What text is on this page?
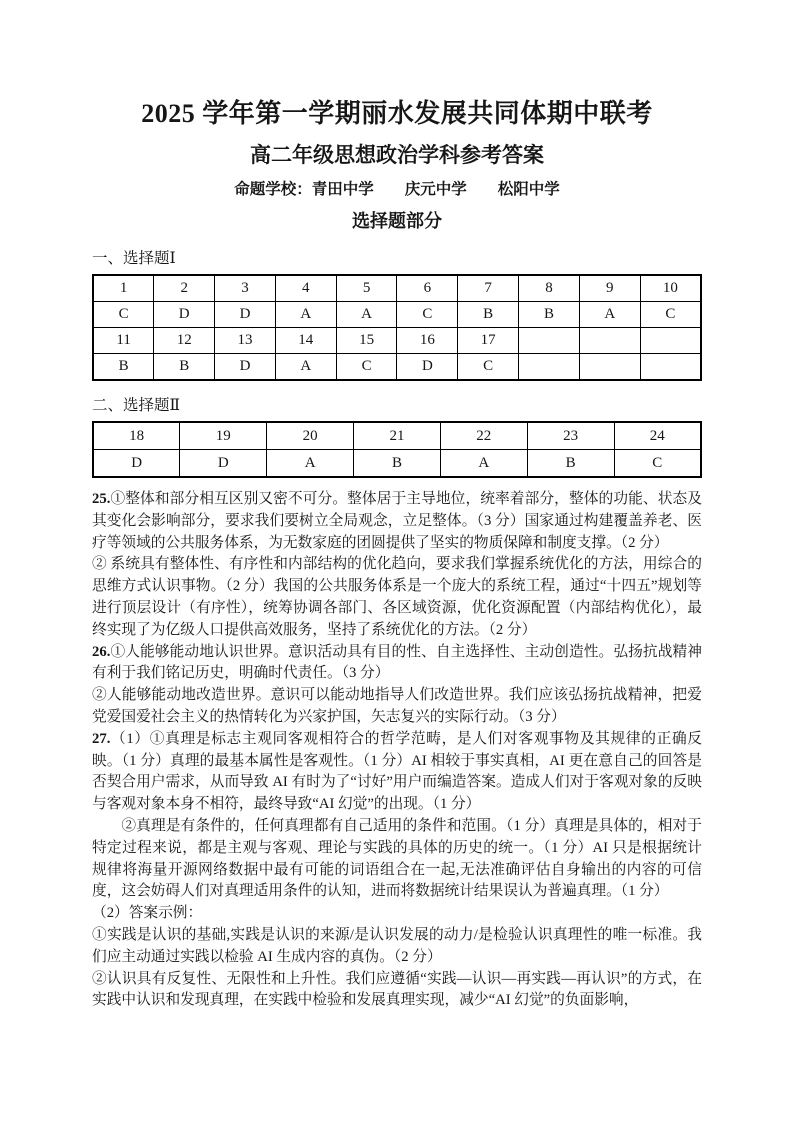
2025 学年第一学期丽水发展共同体期中联考
高二年级思想政治学科参考答案
命题学校：青田中学　　庆元中学　　松阳中学
选择题部分
一、选择题Ⅰ
1	2	3	4	5	6	7	8	9	10
C	D	D	A	A	C	B	B	A	C
11	12	13	14	15	16	17			
B	B	D	A	C	D	C			
二、选择题Ⅱ
18	19	20	21	22	23	24
D	D	A	B	A	B	C

25.①整体和部分相互区别又密不可分。整体居于主导地位，统率着部分，整体的功能、状态及其变化会影响部分，要求我们要树立全局观念，立足整体。（3 分）国家通过构建覆盖养老、医疗等领域的公共服务体系，为无数家庭的团圆提供了坚实的物质保障和制度支撑。（2 分）

② 系统具有整体性、有序性和内部结构的优化趋向，要求我们掌握系统优化的方法，用综合的思维方式认识事物。（2 分）我国的公共服务体系是一个庞大的系统工程，通过“十四五”规划等进行顶层设计（有序性），统筹协调各部门、各区域资源，优化资源配置（内部结构优化），最终实现了为亿级人口提供高效服务，坚持了系统优化的方法。（2 分）

26.①人能够能动地认识世界。意识活动具有目的性、自主选择性、主动创造性。弘扬抗战精神有利于我们铭记历史，明确时代责任。（3 分）

②人能够能动地改造世界。意识可以能动地指导人们改造世界。我们应该弘扬抗战精神，把爱党爱国爱社会主义的热情转化为兴家护国，矢志复兴的实际行动。（3 分）

27.（1）①真理是标志主观同客观相符合的哲学范畴，是人们对客观事物及其规律的正确反映。（1 分）真理的最基本属性是客观性。（1 分）AI 相较于事实真相，AI 更在意自己的回答是否契合用户需求，从而导致 AI 有时为了“讨好”用户而编造答案。造成人们对于客观对象的反映与客观对象本身不相符，最终导致“AI 幻觉”的出现。（1 分）

②真理是有条件的，任何真理都有自己适用的条件和范围。（1 分）真理是具体的，相对于特定过程来说，都是主观与客观、理论与实践的具体的历史的统一。（1 分）AI 只是根据统计规律将海量开源网络数据中最有可能的词语组合在一起,无法准确评估自身输出的内容的可信度，这会妨碍人们对真理适用条件的认知，进而将数据统计结果误认为普遍真理。（1 分）

（2）答案示例：

①实践是认识的基础,实践是认识的来源/是认识发展的动力/是检验认识真理性的唯一标准。我们应主动通过实践以检验 AI 生成内容的真伪。（2 分）

②认识具有反复性、无限性和上升性。我们应遵循“实践—认识—再实践—再认识”的方式，在实践中认识和发现真理，在实践中检验和发展真理实现，减少“AI 幻觉”的负面影响，
